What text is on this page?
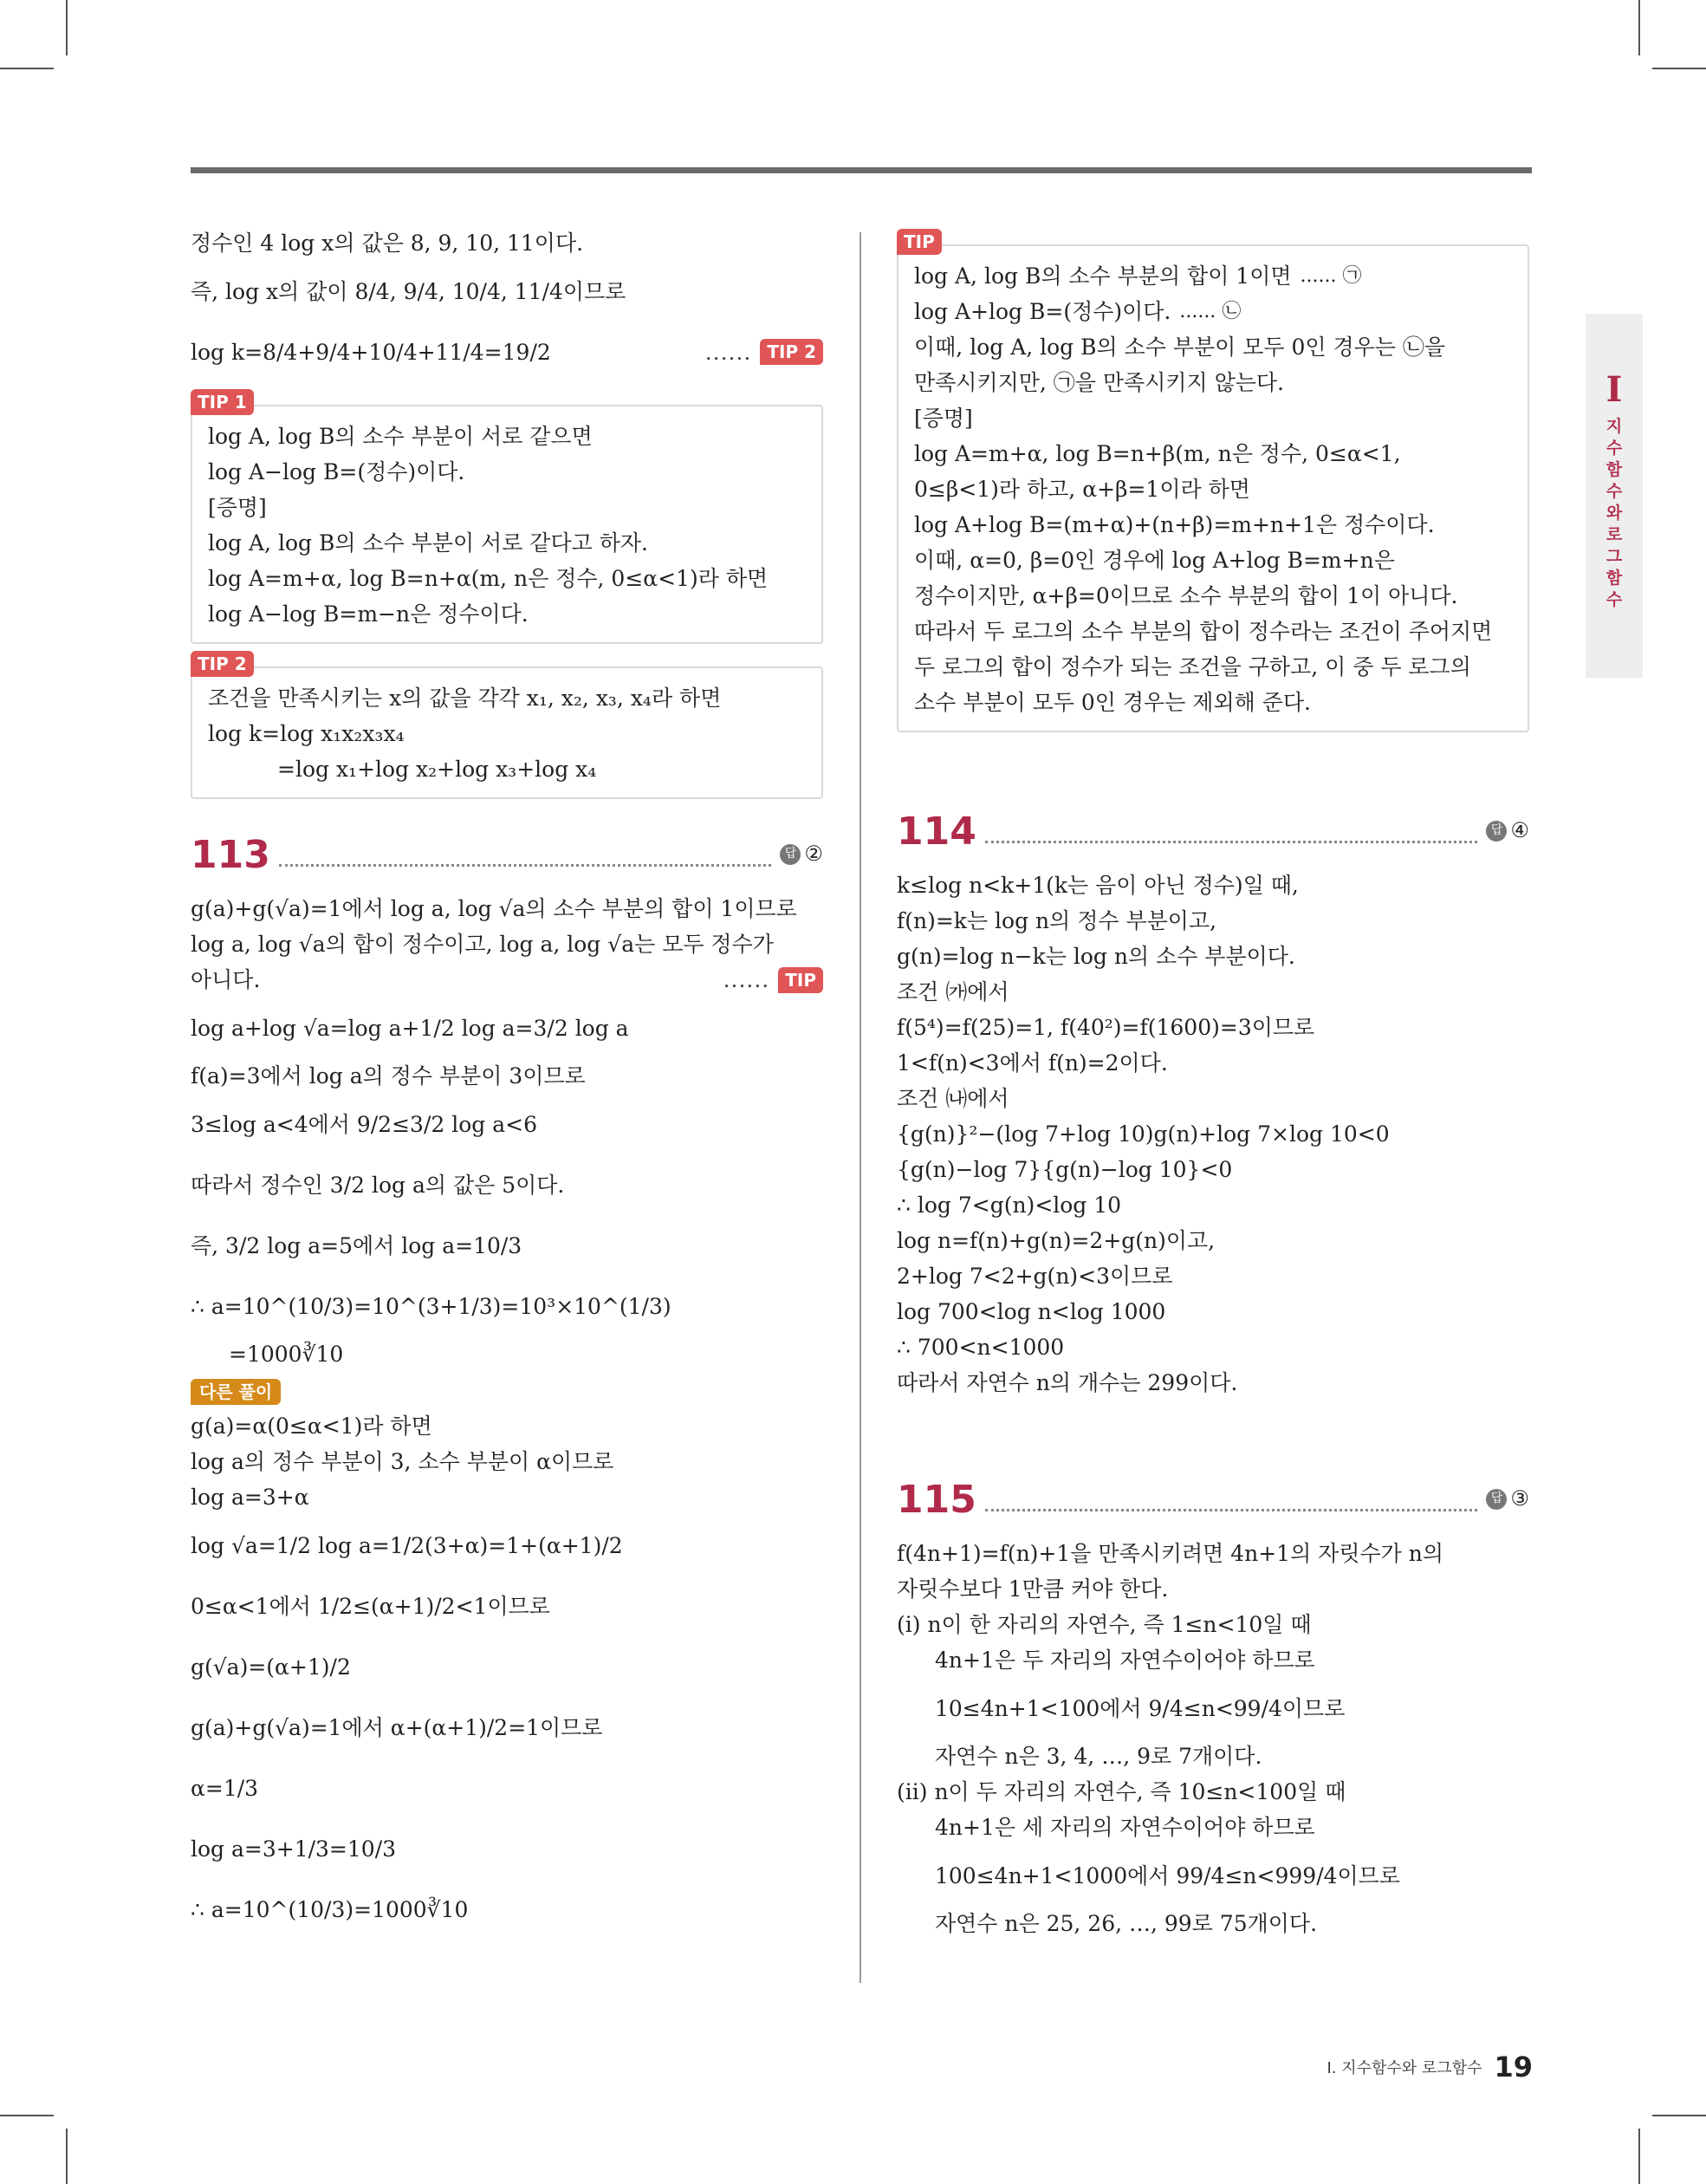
정수인 4 log x의 값은 8, 9, 10, 11이다.
즉, log x의 값이 8/4, 9/4, 10/4, 11/4이므로
log k=8/4+9/4+10/4+11/4=19/2	...... TIP 2
TIP 1
log A, log B의 소수 부분이 서로 같으면
log A−log B=(정수)이다.
[증명]
log A, log B의 소수 부분이 서로 같다고 하자.
log A=m+α, log B=n+α(m, n은 정수, 0≤α<1)라 하면
log A−log B=m−n은 정수이다.
TIP 2
조건을 만족시키는 x의 값을 각각 x₁, x₂, x₃, x₄라 하면
log k=log x₁x₂x₃x₄
=log x₁+log x₂+log x₃+log x₄
113	답 ②
g(a)+g(√a)=1에서 log a, log √a의 소수 부분의 합이 1이므로
log a, log √a의 합이 정수이고, log a, log √a는 모두 정수가
아니다.	...... TIP
log a+log √a=log a+1/2 log a=3/2 log a
f(a)=3에서 log a의 정수 부분이 3이므로
3≤log a<4에서 9/2≤3/2 log a<6
따라서 정수인 3/2 log a의 값은 5이다.
즉, 3/2 log a=5에서 log a=10/3
∴ a=10^(10/3)=10^(3+1/3)=10³×10^(1/3)
=1000∛10
다른 풀이
g(a)=α(0≤α<1)라 하면
log a의 정수 부분이 3, 소수 부분이 α이므로
log a=3+α
log √a=1/2 log a=1/2(3+α)=1+(α+1)/2
0≤α<1에서 1/2≤(α+1)/2<1이므로
g(√a)=(α+1)/2
g(a)+g(√a)=1에서 α+(α+1)/2=1이므로
α=1/3
log a=3+1/3=10/3
∴ a=10^(10/3)=1000∛10
TIP
log A, log B의 소수 부분의 합이 1이면 ...... ㉠
log A+log B=(정수)이다. ...... ㉡
이때, log A, log B의 소수 부분이 모두 0인 경우는 ㉡을
만족시키지만, ㉠을 만족시키지 않는다.
[증명]
log A=m+α, log B=n+β(m, n은 정수, 0≤α<1,
0≤β<1)라 하고, α+β=1이라 하면
log A+log B=(m+α)+(n+β)=m+n+1은 정수이다.
이때, α=0, β=0인 경우에 log A+log B=m+n은
정수이지만, α+β=0이므로 소수 부분의 합이 1이 아니다.
따라서 두 로그의 소수 부분의 합이 정수라는 조건이 주어지면
두 로그의 합이 정수가 되는 조건을 구하고, 이 중 두 로그의
소수 부분이 모두 0인 경우는 제외해 준다.
114	답 ④
k≤log n<k+1(k는 음이 아닌 정수)일 때,
f(n)=k는 log n의 정수 부분이고,
g(n)=log n−k는 log n의 소수 부분이다.
조건 ㈎에서
f(5⁴)=f(25)=1, f(40²)=f(1600)=3이므로
1<f(n)<3에서 f(n)=2이다.
조건 ㈏에서
{g(n)}²−(log 7+log 10)g(n)+log 7×log 10<0
{g(n)−log 7}{g(n)−log 10}<0
∴ log 7<g(n)<log 10
log n=f(n)+g(n)=2+g(n)이고,
2+log 7<2+g(n)<3이므로
log 700<log n<log 1000
∴ 700<n<1000
따라서 자연수 n의 개수는 299이다.
115	답 ③
f(4n+1)=f(n)+1을 만족시키려면 4n+1의 자릿수가 n의
자릿수보다 1만큼 커야 한다.
(i) n이 한 자리의 자연수, 즉 1≤n<10일 때
4n+1은 두 자리의 자연수이어야 하므로
10≤4n+1<100에서 9/4≤n<99/4이므로
자연수 n은 3, 4, …, 9로 7개이다.
(ii) n이 두 자리의 자연수, 즉 10≤n<100일 때
4n+1은 세 자리의 자연수이어야 하므로
100≤4n+1<1000에서 99/4≤n<999/4이므로
자연수 n은 25, 26, …, 99로 75개이다.
I
지
수
함
수
와
로
그
함
수
Ⅰ. 지수함수와 로그함수 19
